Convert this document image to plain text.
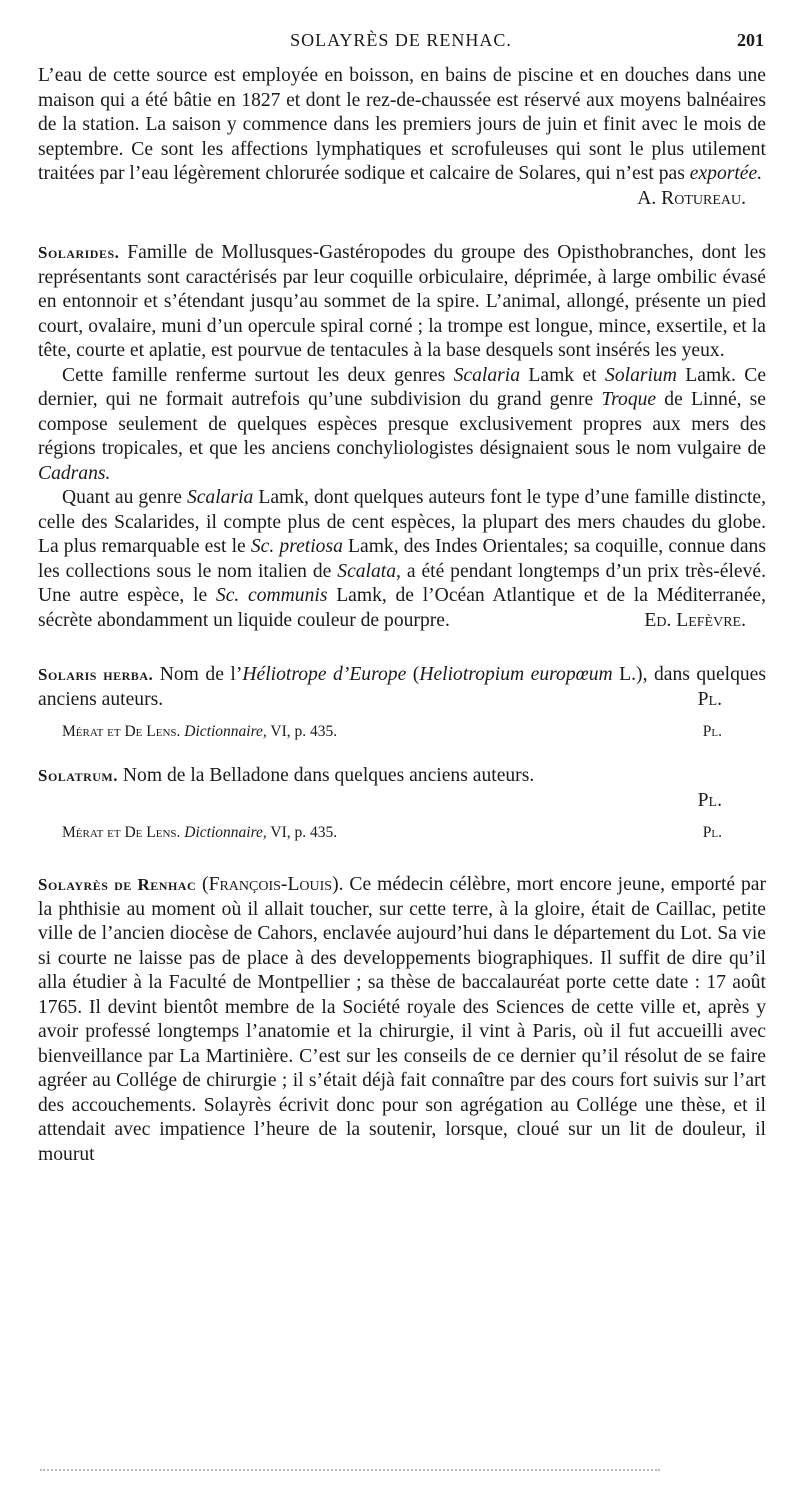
SOLAYRÈS DE RENHAC.	201

L’eau de cette source est employée en boisson, en bains de piscine et en douches dans une maison qui a été bâtie en 1827 et dont le rez-de-chaussée est réservé aux moyens balnéaires de la station. La saison y commence dans les premiers jours de juin et finit avec le mois de septembre. Ce sont les affections lymphatiques et scrofuleuses qui sont le plus utilement traitées par l’eau légèrement chlorurée sodique et calcaire de Solares, qui n’est pas exportée.

A. Rotureau.

Solarides. Famille de Mollusques-Gastéropodes du groupe des Opisthobranches, dont les représentants sont caractérisés par leur coquille orbiculaire, déprimée, à large ombilic évasé en entonnoir et s’étendant jusqu’au sommet de la spire. L’animal, allongé, présente un pied court, ovalaire, muni d’un opercule spiral corné ; la trompe est longue, mince, exsertile, et la tête, courte et aplatie, est pourvue de tentacules à la base desquels sont insérés les yeux.

Cette famille renferme surtout les deux genres Scalaria Lamk et Solarium Lamk. Ce dernier, qui ne formait autrefois qu’une subdivision du grand genre Troque de Linné, se compose seulement de quelques espèces presque exclusivement propres aux mers des régions tropicales, et que les anciens conchyliologistes désignaient sous le nom vulgaire de Cadrans.

Quant au genre Scalaria Lamk, dont quelques auteurs font le type d’une famille distincte, celle des Scalarides, il compte plus de cent espèces, la plupart des mers chaudes du globe. La plus remarquable est le Sc. pretiosa Lamk, des Indes Orientales; sa coquille, connue dans les collections sous le nom italien de Scalata, a été pendant longtemps d’un prix très-élevé. Une autre espèce, le Sc. communis Lamk, de l’Océan Atlantique et de la Méditerranée, sécrète abondamment un liquide couleur de pourpre.	Ed. Lefèvre.

Solaris herba. Nom de l’Héliotrope d’Europe (Heliotropium europœum L.), dans quelques anciens auteurs.	Pl.

Mérat et De Lens. Dictionnaire, VI, p. 435.	Pl.

Solatrum. Nom de la Belladone dans quelques anciens auteurs.

Pl.

Mérat et De Lens. Dictionnaire, VI, p. 435.	Pl.

Solayrès de Renhac (François-Louis). Ce médecin célèbre, mort encore jeune, emporté par la phthisie au moment où il allait toucher, sur cette terre, à la gloire, était de Caillac, petite ville de l’ancien diocèse de Cahors, enclavée aujourd’hui dans le département du Lot. Sa vie si courte ne laisse pas de place à des developpements biographiques. Il suffit de dire qu’il alla étudier à la Faculté de Montpellier ; sa thèse de baccalauréat porte cette date : 17 août 1765. Il devint bientôt membre de la Société royale des Sciences de cette ville et, après y avoir professé longtemps l’anatomie et la chirurgie, il vint à Paris, où il fut accueilli avec bienveillance par La Martinière. C’est sur les conseils de ce dernier qu’il résolut de se faire agréer au Collége de chirurgie ; il s’était déjà fait connaître par des cours fort suivis sur l’art des accouchements. Solayrès écrivit donc pour son agrégation au Collége une thèse, et il attendait avec impatience l’heure de la soutenir, lorsque, cloué sur un lit de douleur, il mourut
